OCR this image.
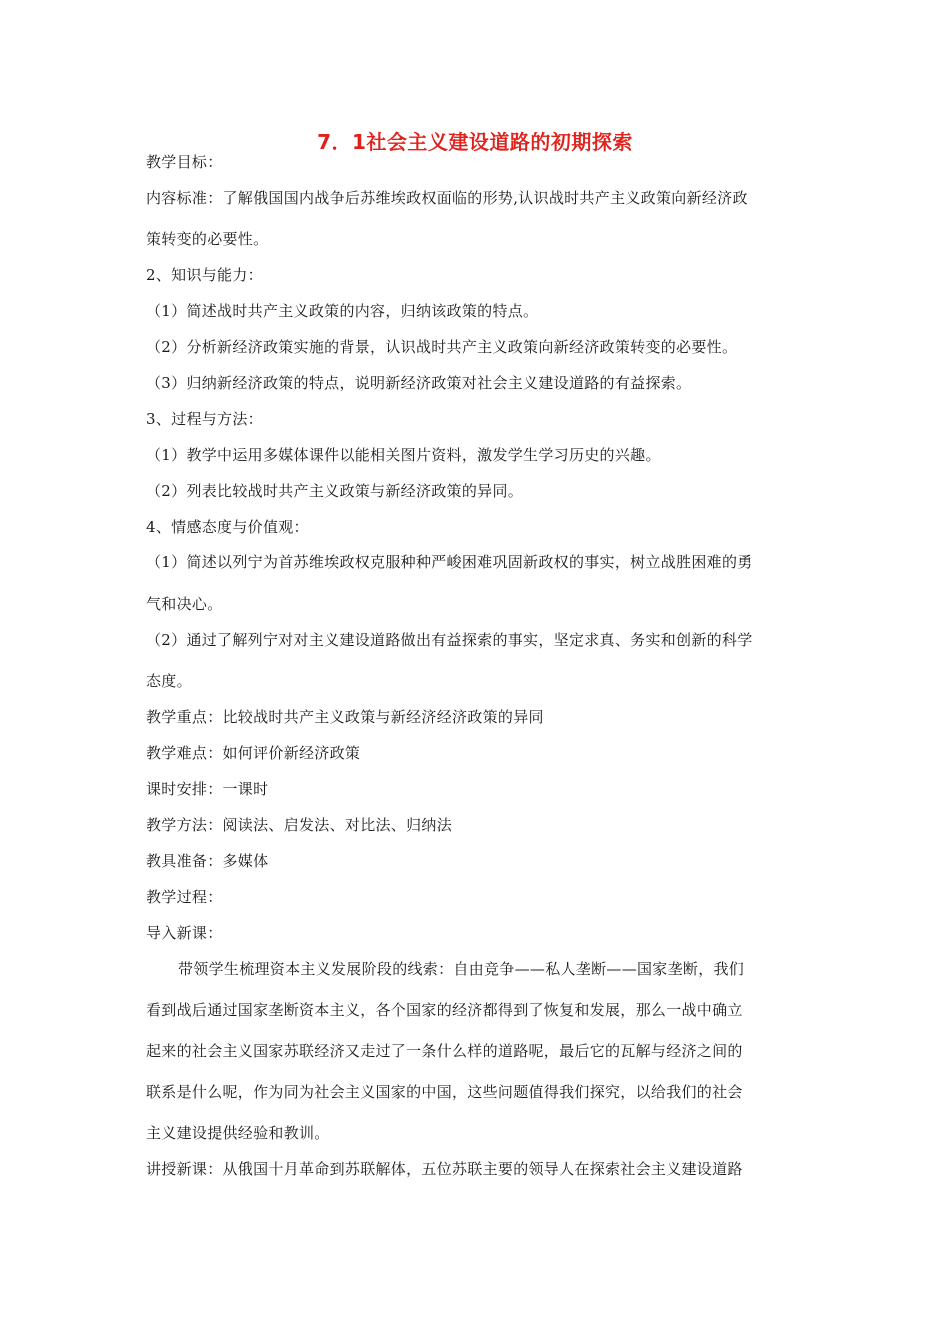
7．1社会主义建设道路的初期探索
教学目标：
内容标准：了解俄国国内战争后苏维埃政权面临的形势,认识战时共产主义政策向新经济政
策转变的必要性。
2、知识与能力：
（1）简述战时共产主义政策的内容，归纳该政策的特点。
（2）分析新经济政策实施的背景，认识战时共产主义政策向新经济政策转变的必要性。
（3）归纳新经济政策的特点，说明新经济政策对社会主义建设道路的有益探索。
3、过程与方法：
（1）教学中运用多媒体课件以能相关图片资料，激发学生学习历史的兴趣。
（2）列表比较战时共产主义政策与新经济政策的异同。
4、情感态度与价值观：
（1）简述以列宁为首苏维埃政权克服种种严峻困难巩固新政权的事实，树立战胜困难的勇
气和决心。
（2）通过了解列宁对对主义建设道路做出有益探索的事实，坚定求真、务实和创新的科学
态度。
教学重点：比较战时共产主义政策与新经济经济政策的异同
教学难点：如何评价新经济政策
课时安排：一课时
教学方法：阅读法、启发法、对比法、归纳法
教具准备：多媒体
教学过程：
导入新课：
带领学生梳理资本主义发展阶段的线索：自由竞争——私人垄断——国家垄断，我们
看到战后通过国家垄断资本主义，各个国家的经济都得到了恢复和发展，那么一战中确立
起来的社会主义国家苏联经济又走过了一条什么样的道路呢，最后它的瓦解与经济之间的
联系是什么呢，作为同为社会主义国家的中国，这些问题值得我们探究，以给我们的社会
主义建设提供经验和教训。
讲授新课：从俄国十月革命到苏联解体，五位苏联主要的领导人在探索社会主义建设道路
